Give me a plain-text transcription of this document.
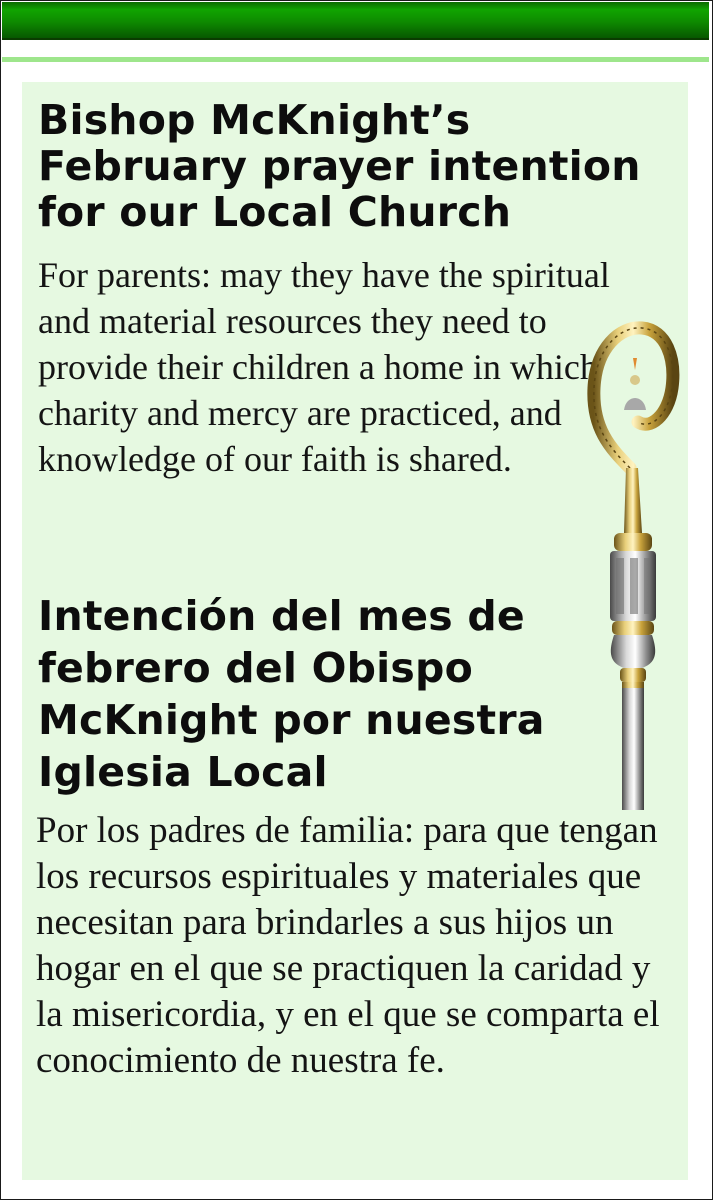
Bishop McKnight’s February prayer intention for our Local Church

For parents: may they have the spiritual and material resources they need to provide their children a home in which charity and mercy are practiced, and knowledge of our faith is shared.

Intención del mes de febrero del Obispo McKnight por nuestra Iglesia Local

Por los padres de familia: para que tengan los recursos espirituales y materiales que necesitan para brindarles a sus hijos un hogar en el que se practiquen la caridad y la misericordia, y en el que se comparta el conocimiento de nuestra fe.
